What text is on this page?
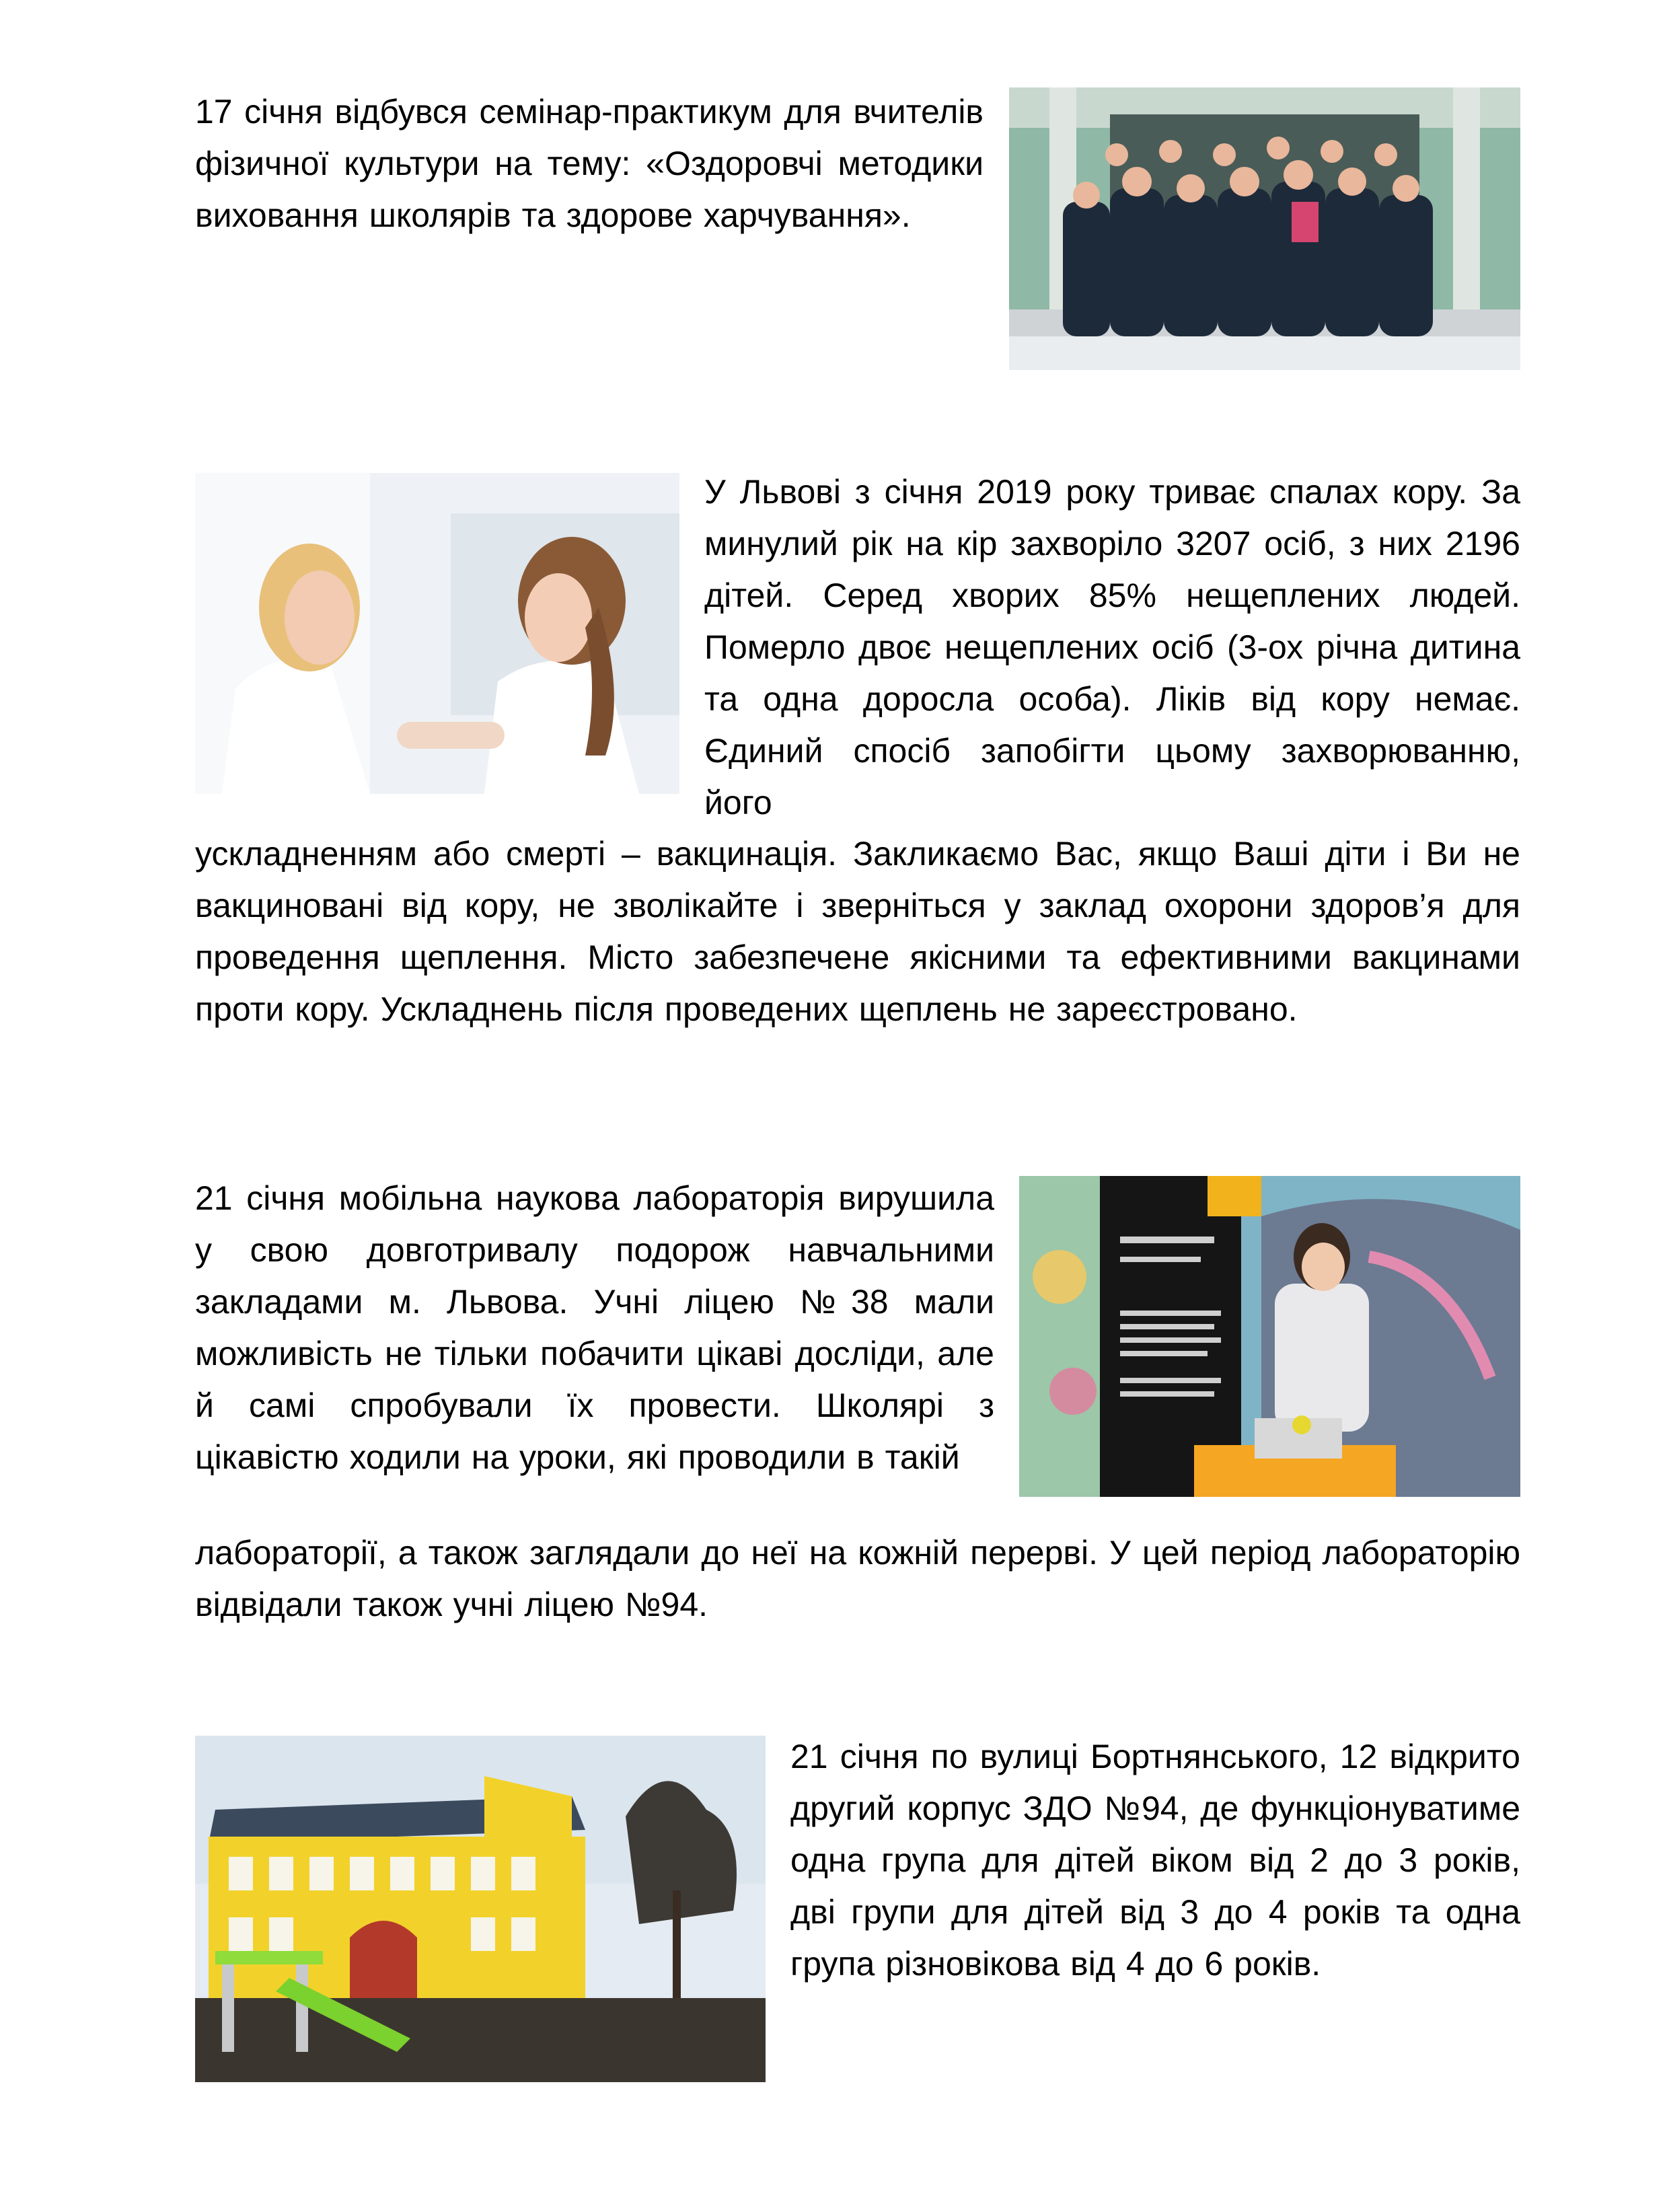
17 січня відбувся семінар-практикум для вчителів фізичної культури на тему: «Оздоровчі методики виховання школярів та здорове харчування».
У Львові з січня 2019 року триває спалах кору. За минулий рік на кір захворіло 3207 осіб, з них 2196 дітей. Серед хворих 85% нещеплених людей. Померло двоє нещеплених осіб (3-ох річна дитина та одна доросла особа). Ліків від кору немає. Єдиний спосіб запобігти цьому захворюванню, його
ускладненням або смерті – вакцинація. Закликаємо Вас, якщо Ваші діти і Ви не вакциновані від кору, не зволікайте і зверніться у заклад охорони здоров’я для проведення щеплення. Місто забезпечене якісними та ефективними вакцинами проти кору. Ускладнень після проведених щеплень не зареєстровано.
21 січня мобільна наукова лабораторія вирушила у свою довготривалу подорож навчальними закладами м. Львова. Учні ліцею №38 мали можливість не тільки побачити цікаві досліди, але й самі спробували їх провести. Школярі з цікавістю ходили на уроки, які проводили в такій
лабораторії, а також заглядали до неї на кожній перерві. У цей період лабораторію відвідали також учні ліцею №94.
21 січня по вулиці Бортнянського, 12 відкрито другий корпус ЗДО №94, де функціонуватиме одна група для дітей віком від 2 до 3 років, дві групи для дітей від 3 до 4 років та одна група різновікова від 4 до 6 років.
